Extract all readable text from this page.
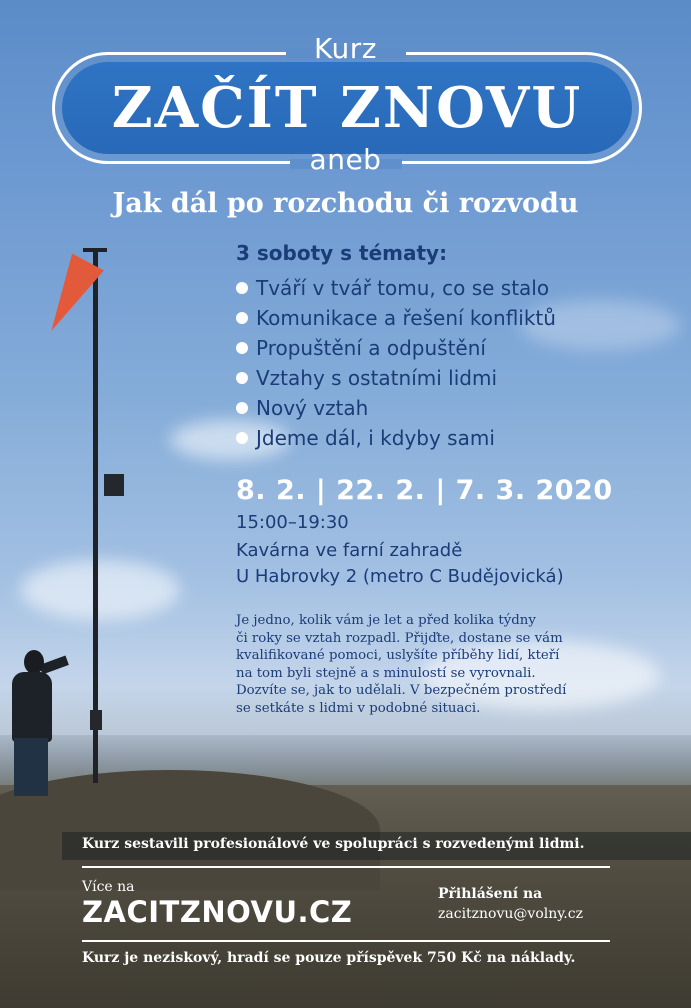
Kurz
ZAČÍT ZNOVU
aneb
Jak dál po rozchodu či rozvodu
3 soboty s tématy:
Tváří v tvář tomu, co se stalo
Komunikace a řešení konfliktů
Propuštění a odpuštění
Vztahy s ostatními lidmi
Nový vztah
Jdeme dál, i kdyby sami
8. 2. | 22. 2. | 7. 3. 2020
15:00–19:30
Kavárna ve farní zahradě
U Habrovky 2 (metro C Budějovická)
Je jedno, kolik vám je let a před kolika týdny
či roky se vztah rozpadl. Přijďte, dostane se vám
kvalifikované pomoci, uslyšíte příběhy lidí, kteří
na tom byli stejně a s minulostí se vyrovnali.
Dozvíte se, jak to udělali. V bezpečném prostředí
se setkáte s lidmi v podobné situaci.
Kurz sestavili profesionálové ve spolupráci s rozvedenými lidmi.
Více na
ZACITZNOVU.CZ
Přihlášení na
zacitznovu@volny.cz
Kurz je neziskový, hradí se pouze příspěvek 750 Kč na náklady.
